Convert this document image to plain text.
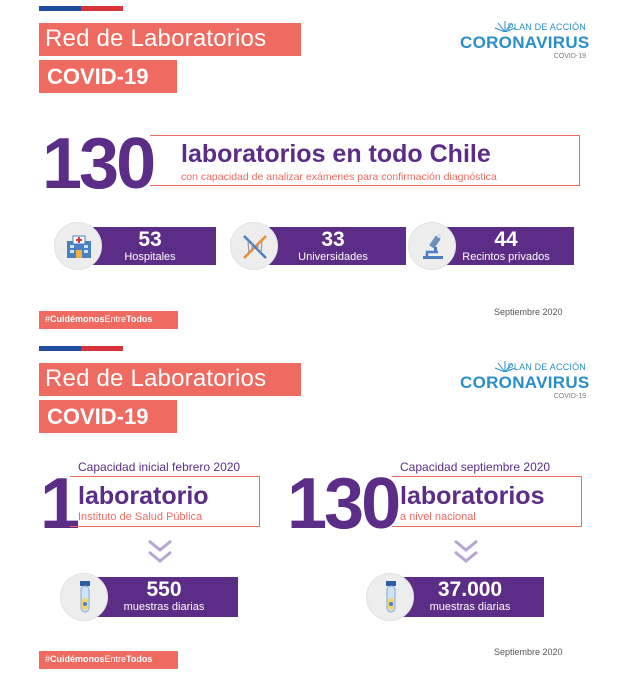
Red de Laboratorios
COVID-19
PLAN DE ACCIÓN
CORONAVIRUS
COVID-19
130 laboratorios en todo Chile
con capacidad de analizar exámenes para confirmación diagnóstica
53
Hospitales
33
Universidades
44
Recintos privados
#CuidémonosEntreTodos
Septiembre 2020
Red de Laboratorios
COVID-19
PLAN DE ACCIÓN
CORONAVIRUS
COVID-19
Capacidad inicial febrero 2020
1
laboratorio
Instituto de Salud Pública
550
muestras diarias
Capacidad septiembre 2020
130 laboratorios
a nivel nacional
37.000
muestras diarias
#CuidémonosEntreTodos
Septiembre 2020
